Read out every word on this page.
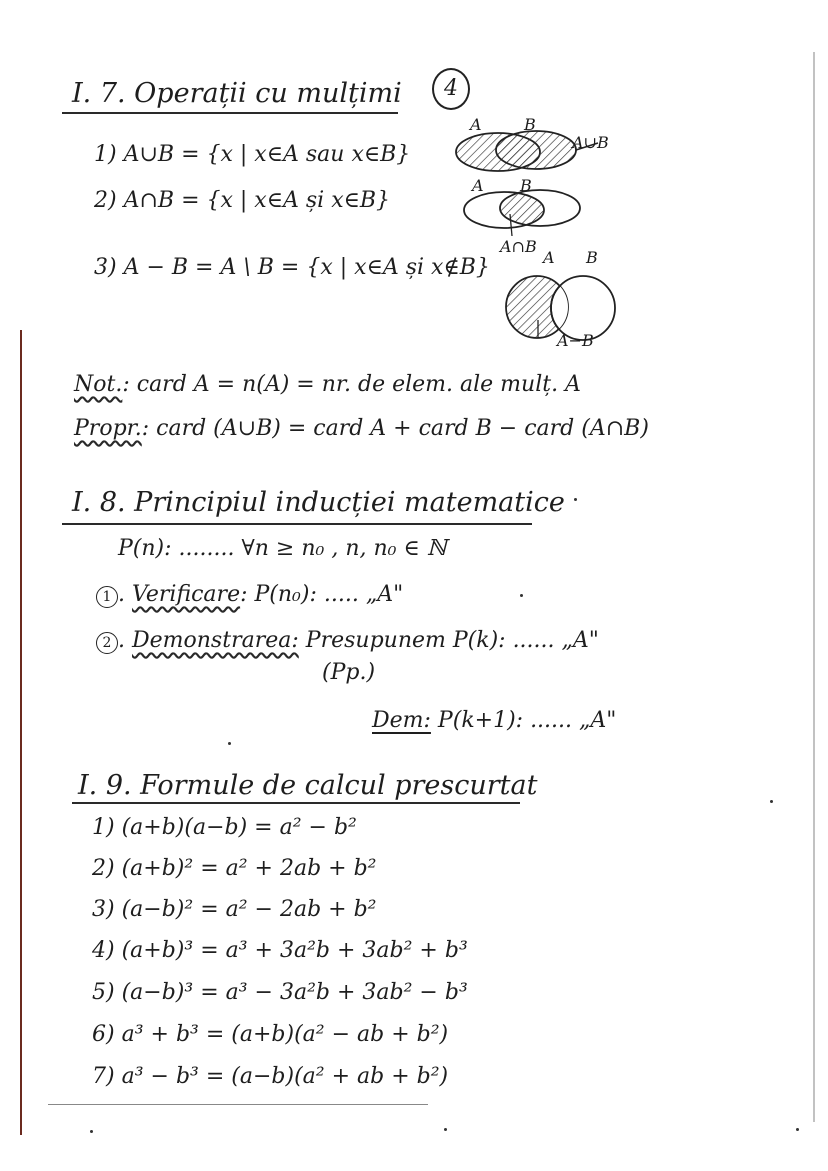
I. 7. Operații cu mulțimi	4
1) A∪B = {x | x∈A sau x∈B}
2) A∩B = {x | x∈A și x∈B}
3) A − B = A \ B = {x | x∈A și x∉B}
A	B
A∪B
A B
A∩B
A B
A−B
Not.: card A = n(A) = nr. de elem. ale mulț. A
Propr.: card (A∪B) = card A + card B − card (A∩B)
I. 8. Principiul inducției matematice
P(n): ........ ∀n ≥ n₀ , n, n₀ ∈ ℕ
1 . Verificare: P(n₀): ..... „A"
2 . Demonstrarea: Presupunem P(k): ...... „A"
(Pp.)
Dem: P(k+1): ...... „A"
I. 9. Formule de calcul prescurtat
1) (a+b)(a−b) = a² − b²
2) (a+b)² = a² + 2ab + b²
3) (a−b)² = a² − 2ab + b²
4) (a+b)³ = a³ + 3a²b + 3ab² + b³
5) (a−b)³ = a³ − 3a²b + 3ab² − b³
6) a³ + b³ = (a+b)(a² − ab + b²)
7) a³ − b³ = (a−b)(a² + ab + b²)
